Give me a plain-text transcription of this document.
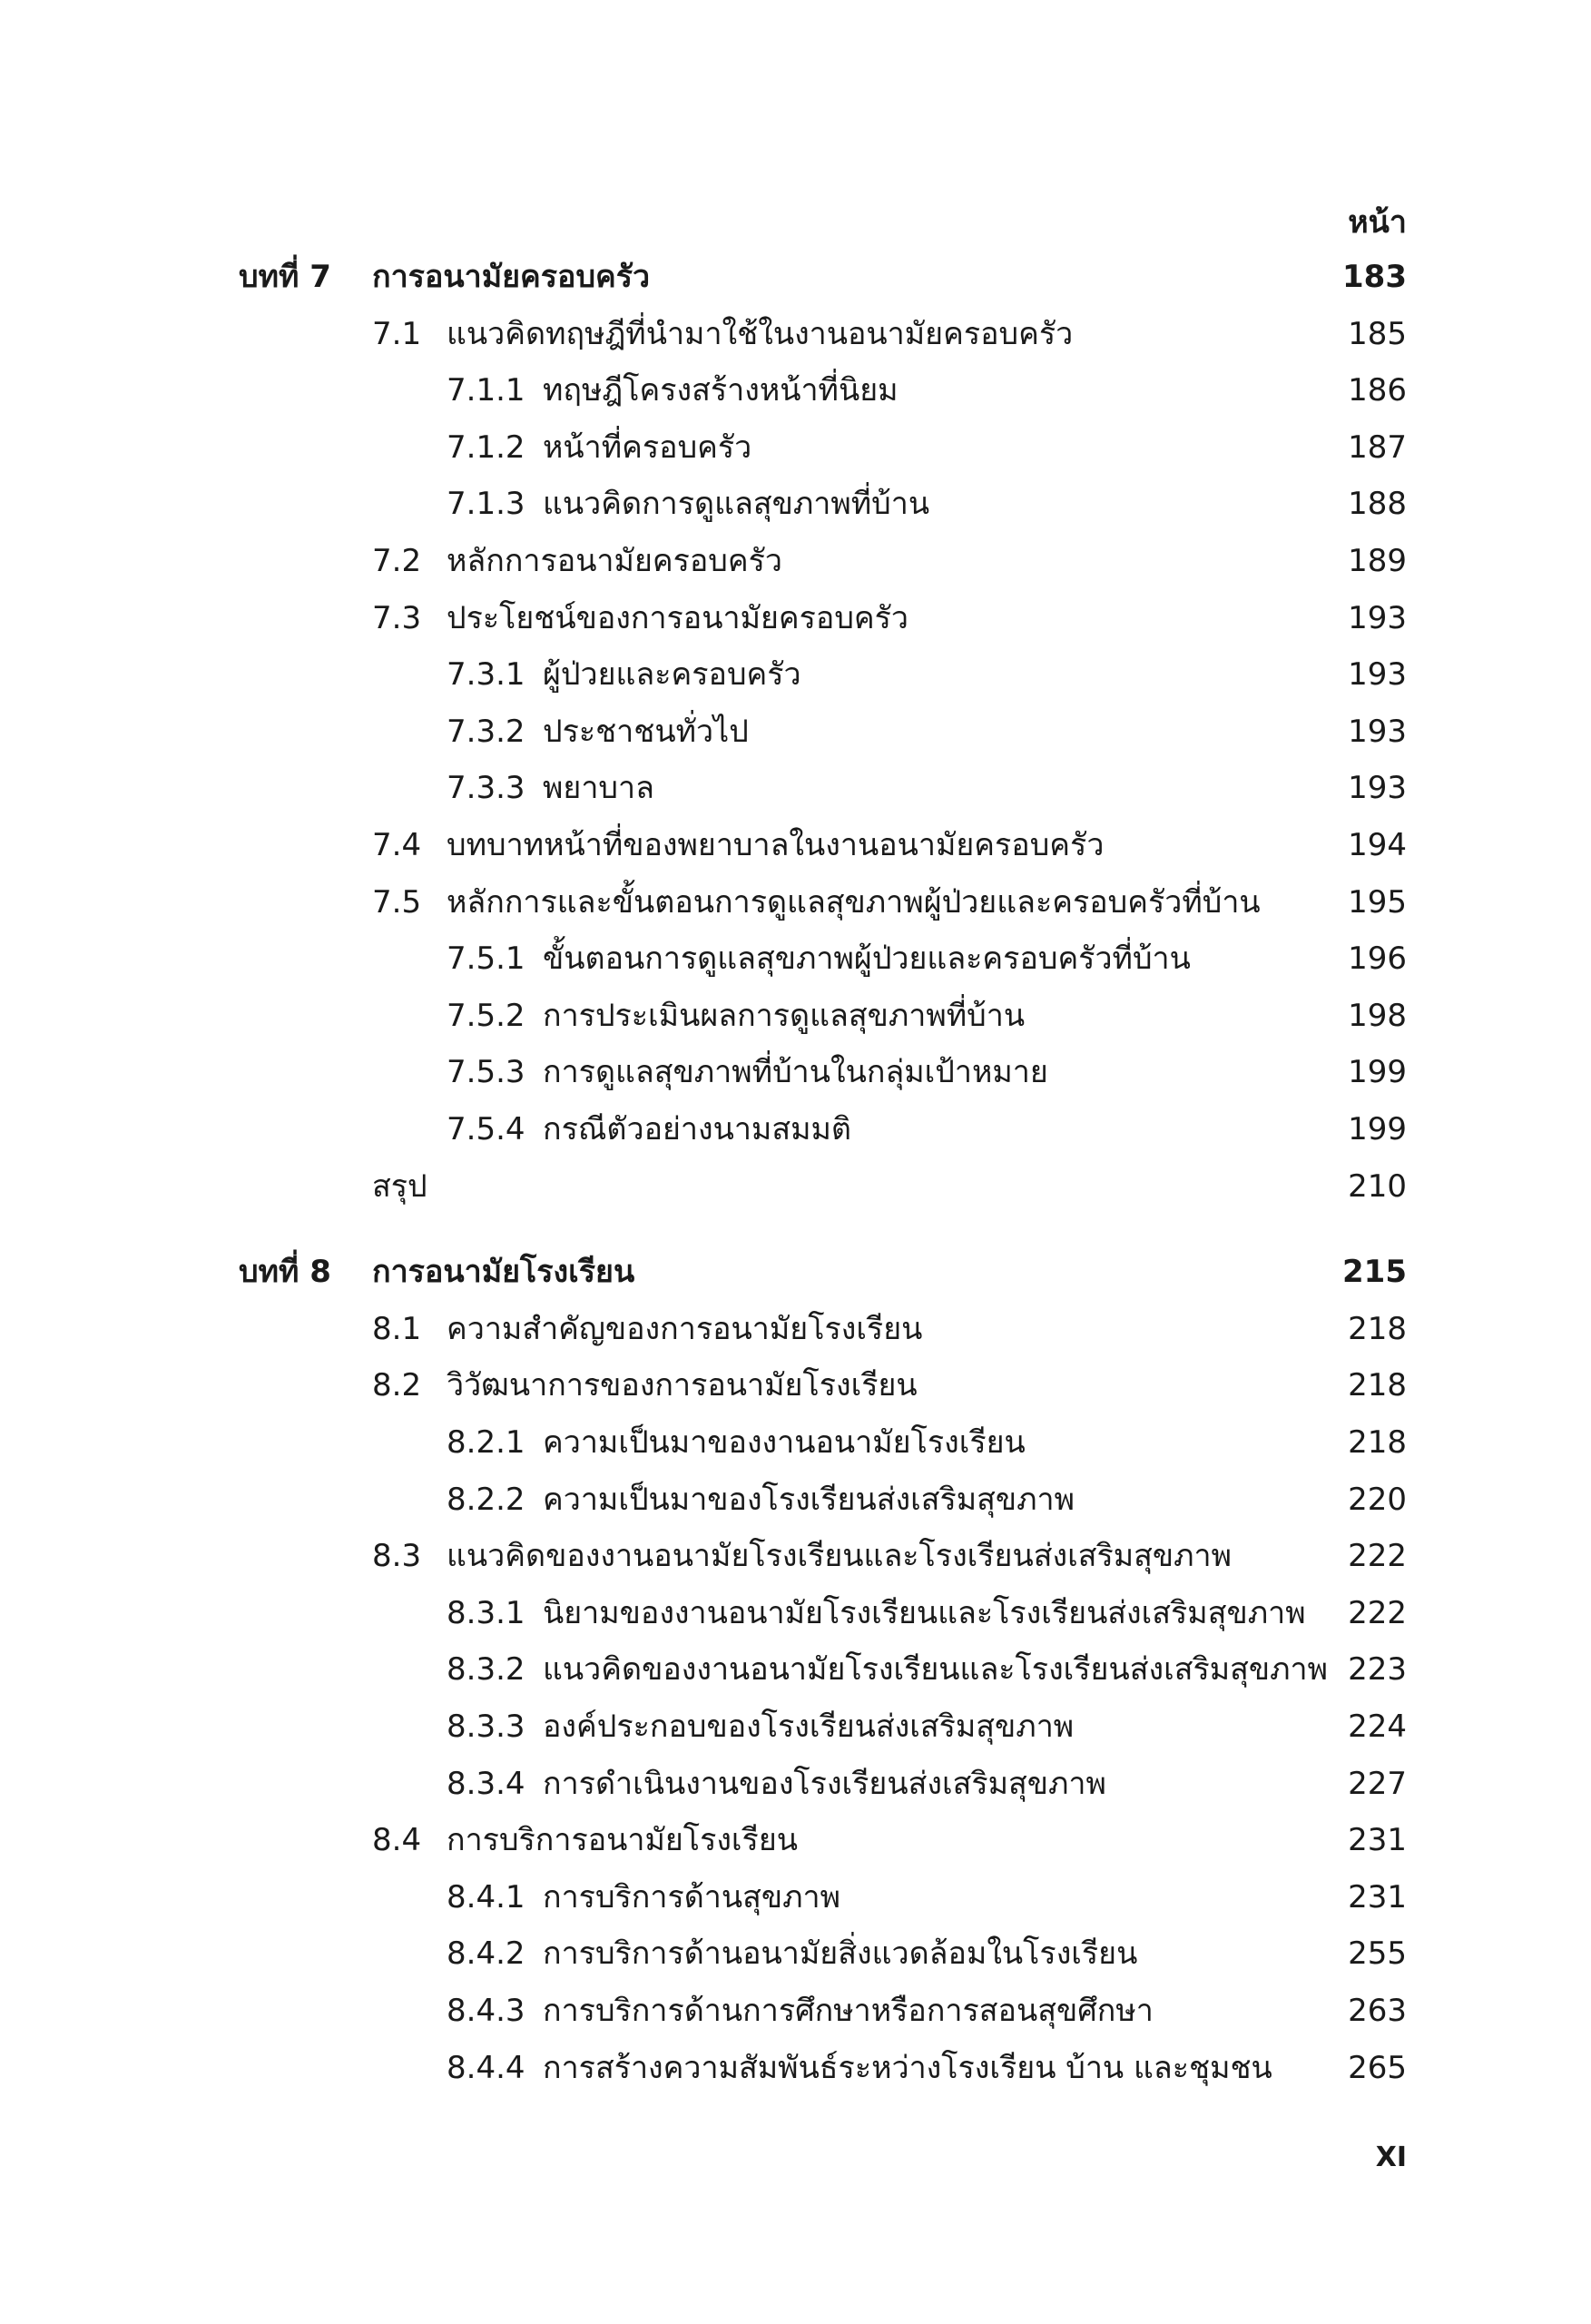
หน้า
บทที่ 7 การอนามัยครอบครัว	183
7.1 แนวคิดทฤษฎีที่นำมาใช้ในงานอนามัยครอบครัว	185
7.1.1 ทฤษฎีโครงสร้างหน้าที่นิยม	186
7.1.2 หน้าที่ครอบครัว	187
7.1.3 แนวคิดการดูแลสุขภาพที่บ้าน	188
7.2 หลักการอนามัยครอบครัว	189
7.3 ประโยชน์ของการอนามัยครอบครัว	193
7.3.1 ผู้ป่วยและครอบครัว	193
7.3.2 ประชาชนทั่วไป	193
7.3.3 พยาบาล	193
7.4 บทบาทหน้าที่ของพยาบาลในงานอนามัยครอบครัว	194
7.5 หลักการและขั้นตอนการดูแลสุขภาพผู้ป่วยและครอบครัวที่บ้าน	195
7.5.1 ขั้นตอนการดูแลสุขภาพผู้ป่วยและครอบครัวที่บ้าน	196
7.5.2 การประเมินผลการดูแลสุขภาพที่บ้าน	198
7.5.3 การดูแลสุขภาพที่บ้านในกลุ่มเป้าหมาย	199
7.5.4 กรณีตัวอย่างนามสมมติ	199
สรุป	210
บทที่ 8 การอนามัยโรงเรียน	215
8.1 ความสำคัญของการอนามัยโรงเรียน	218
8.2 วิวัฒนาการของการอนามัยโรงเรียน	218
8.2.1 ความเป็นมาของงานอนามัยโรงเรียน	218
8.2.2 ความเป็นมาของโรงเรียนส่งเสริมสุขภาพ	220
8.3 แนวคิดของงานอนามัยโรงเรียนและโรงเรียนส่งเสริมสุขภาพ	222
8.3.1 นิยามของงานอนามัยโรงเรียนและโรงเรียนส่งเสริมสุขภาพ 222
8.3.2 แนวคิดของงานอนามัยโรงเรียนและโรงเรียนส่งเสริมสุขภาพ 223
8.3.3 องค์ประกอบของโรงเรียนส่งเสริมสุขภาพ	224
8.3.4 การดำเนินงานของโรงเรียนส่งเสริมสุขภาพ	227
8.4 การบริการอนามัยโรงเรียน	231
8.4.1 การบริการด้านสุขภาพ	231
8.4.2 การบริการด้านอนามัยสิ่งแวดล้อมในโรงเรียน	255
8.4.3 การบริการด้านการศึกษาหรือการสอนสุขศึกษา	263
8.4.4 การสร้างความสัมพันธ์ระหว่างโรงเรียน บ้าน และชุมชน 265
XI
